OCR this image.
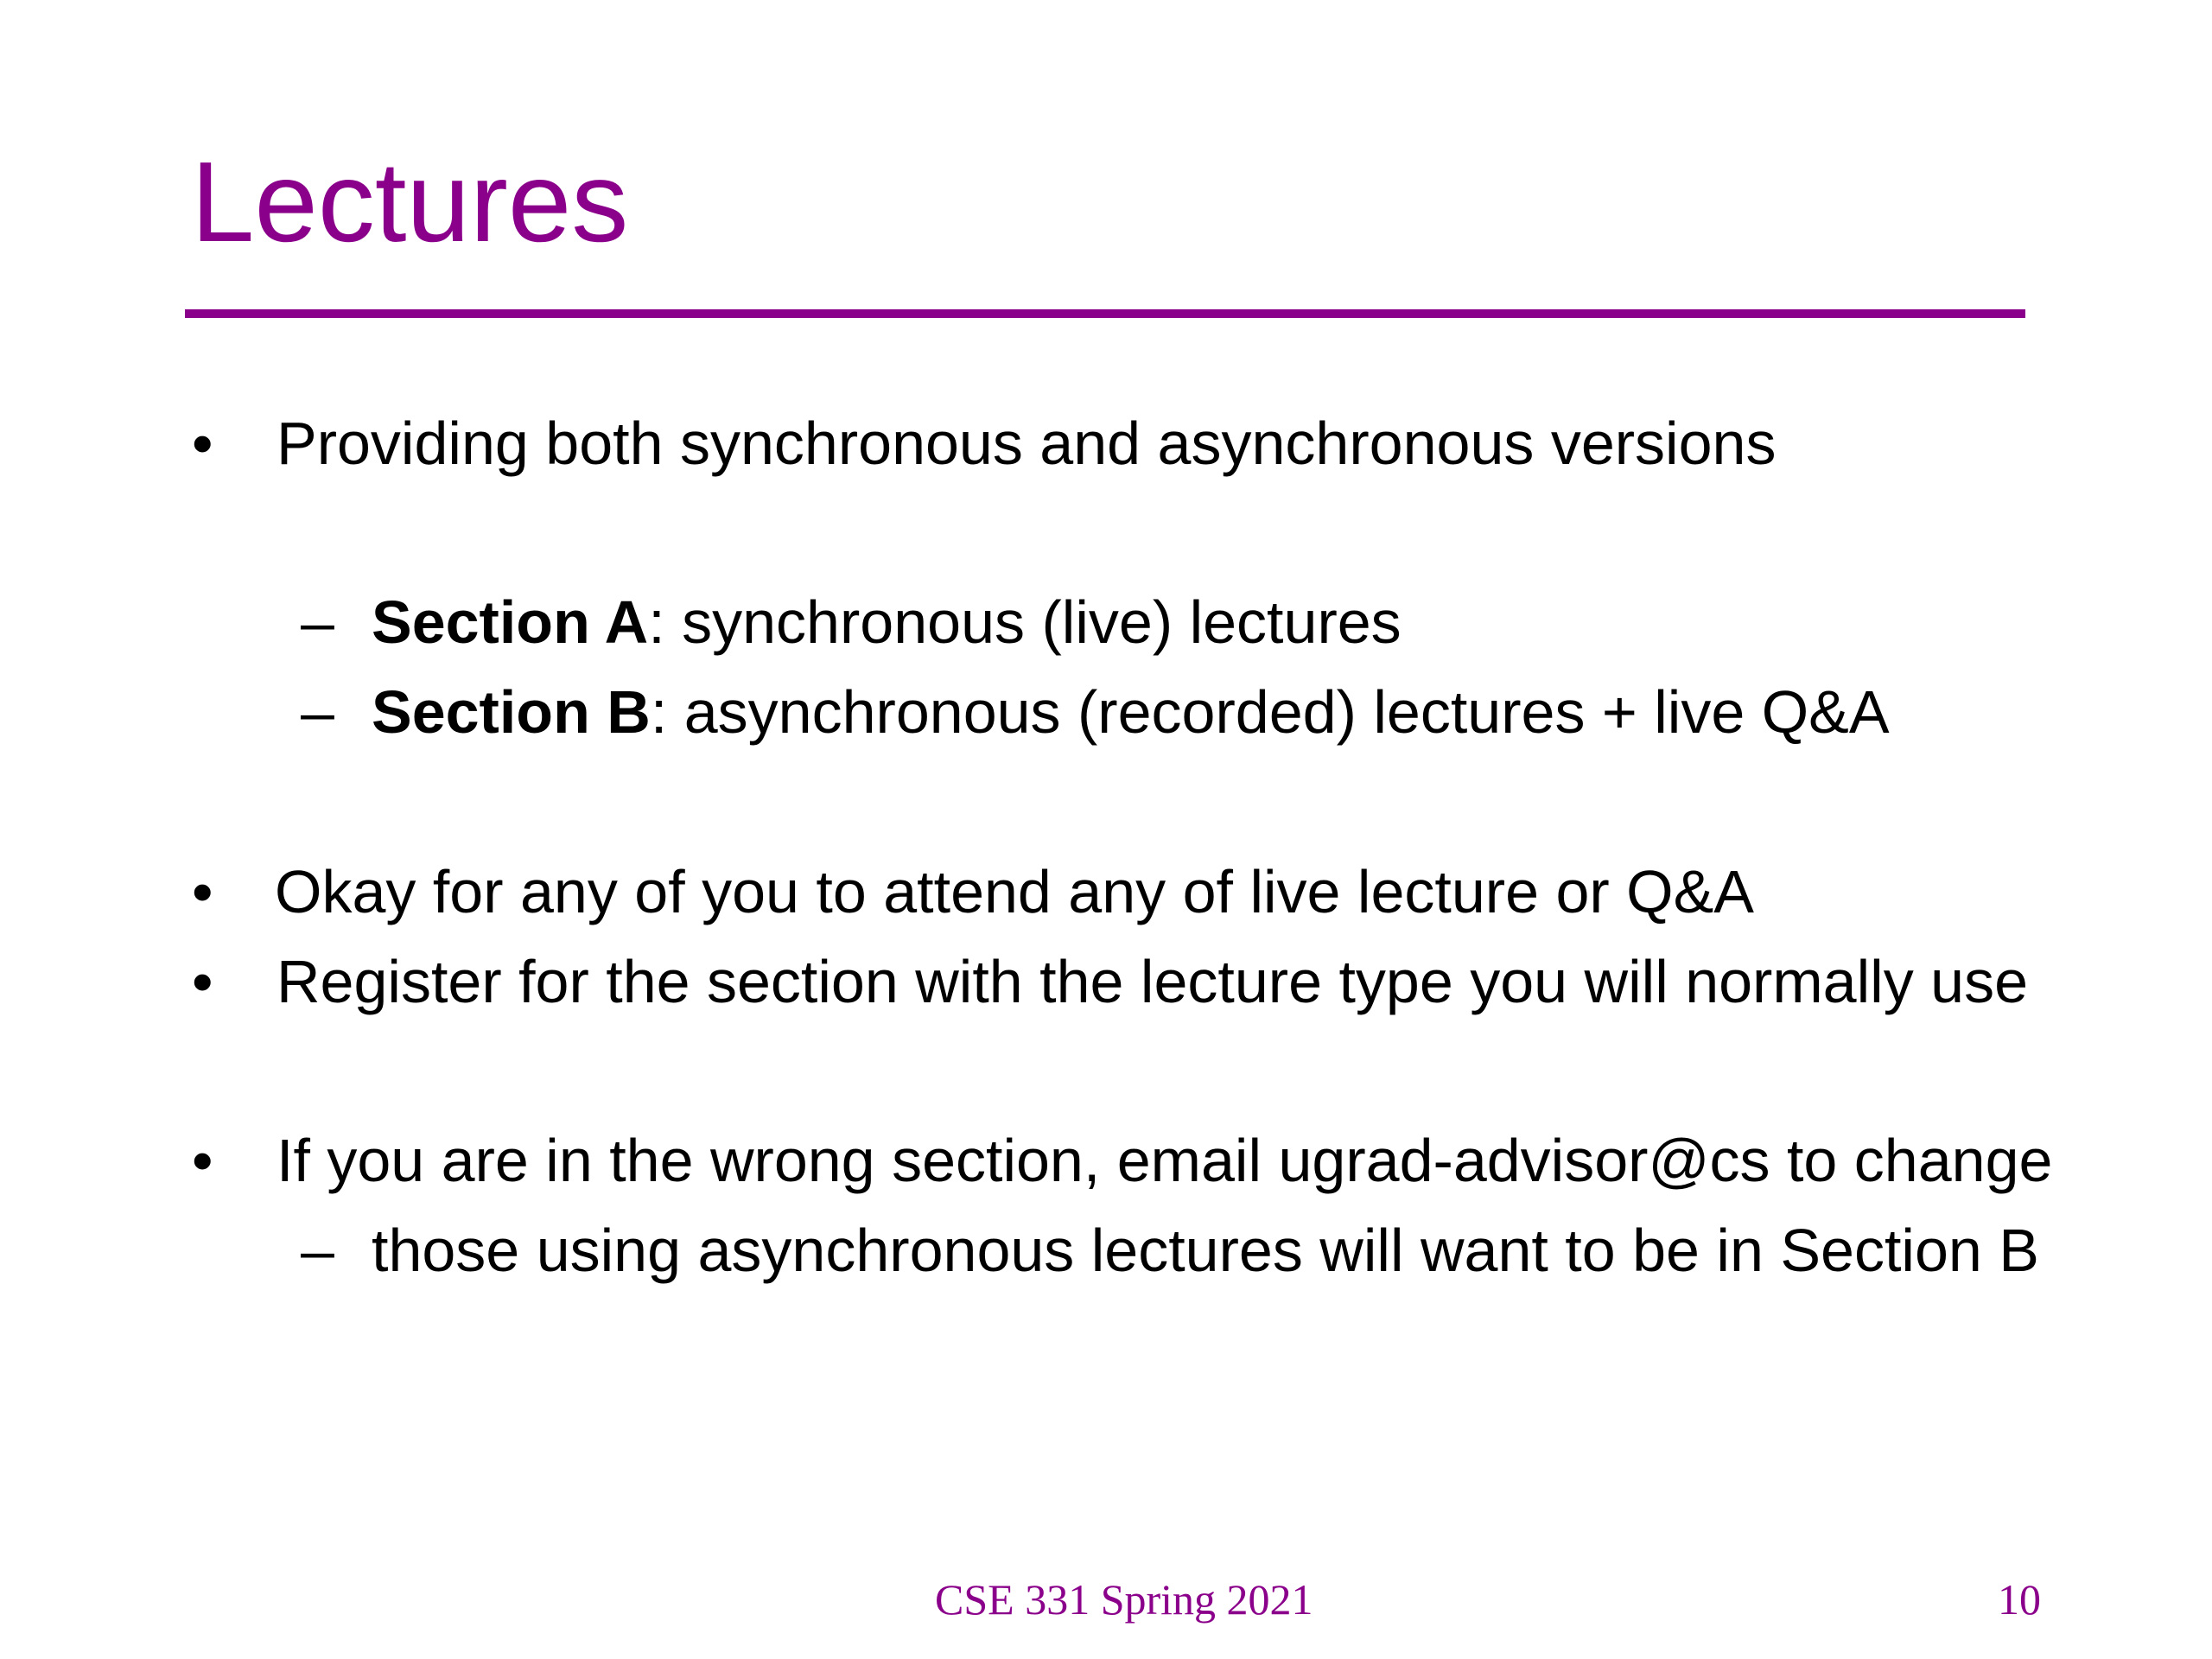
Lectures
• Providing both synchronous and asynchronous versions
– Section A: synchronous (live) lectures
– Section B: asynchronous (recorded) lectures + live Q&A
• Okay for any of you to attend any of live lecture or Q&A
• Register for the section with the lecture type you will normally use
• If you are in the wrong section, email ugrad-advisor@cs to change
– those using asynchronous lectures will want to be in Section B
CSE 331 Spring 2021	10
